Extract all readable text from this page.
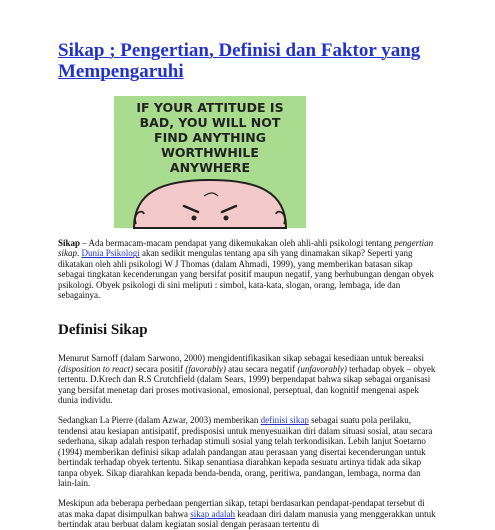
Sikap ; Pengertian, Definisi dan Faktor yang Mempengaruhi
IF YOUR ATTITUDE IS
BAD, YOU WILL NOT
FIND ANYTHING
WORTHWHILE
ANYWHERE

Sikap – Ada bermacam-macam pendapat yang dikemukakan oleh ahli-ahli psikologi tentang pengertian sikap. Dunia Psikologi akan sedikit mengulas tentang apa sih yang dinamakan sikap? Seperti yang dikatakan oleh ahli psikologi W J Thomas (dalam Ahmadi, 1999), yang memberikan batasan sikap sebagai tingkatan kecenderungan yang bersifat positif maupun negatif, yang berhubungan dengan obyek psikologi. Obyek psikologi di sini meliputi : simbol, kata-kata, slogan, orang, lembaga, ide dan sebagainya.

Definisi Sikap

Menurut Sarnoff (dalam Sarwono, 2000) mengidentifikasikan sikap sebagai kesediaan untuk bereaksi (disposition to react) secara positif (favorably) atau secara negatif (unfavorably) terhadap obyek – obyek tertentu. D.Krech dan R.S Crutchfield (dalam Sears, 1999) berpendapat bahwa sikap sebagai organisasi yang bersifat menetap dari proses motivasional, emosional, perseptual, dan kognitif mengenai aspek dunia individu.

Sedangkan La Pierre (dalam Azwar, 2003) memberikan definisi sikap sebagai suatu pola perilaku, tendensi atau kesiapan antisipatif, predisposisi untuk menyesuaikan diri dalam situasi sosial, atau secara sederhana, sikap adalah respon terhadap stimuli sosial yang telah terkondisikan. Lebih lanjut Soetarno (1994) memberikan definisi sikap adalah pandangan atau perasaan yang disertai kecenderungan untuk bertindak terhadap obyek tertentu. Sikap senantiasa diarahkan kepada sesuatu artinya tidak ada sikap tanpa obyek. Sikap diarahkan kepada benda-benda, orang, peritiwa, pandangan, lembaga, norma dan lain-lain.

Meskipun ada beberapa perbedaan pengertian sikap, tetapi berdasarkan pendapat-pendapat tersebut di atas maka dapat disimpulkan bahwa sikap adalah keadaan diri dalam manusia yang menggerakkan untuk bertindak atau berbuat dalam kegiatan sosial dengan perasaan tertentu di
